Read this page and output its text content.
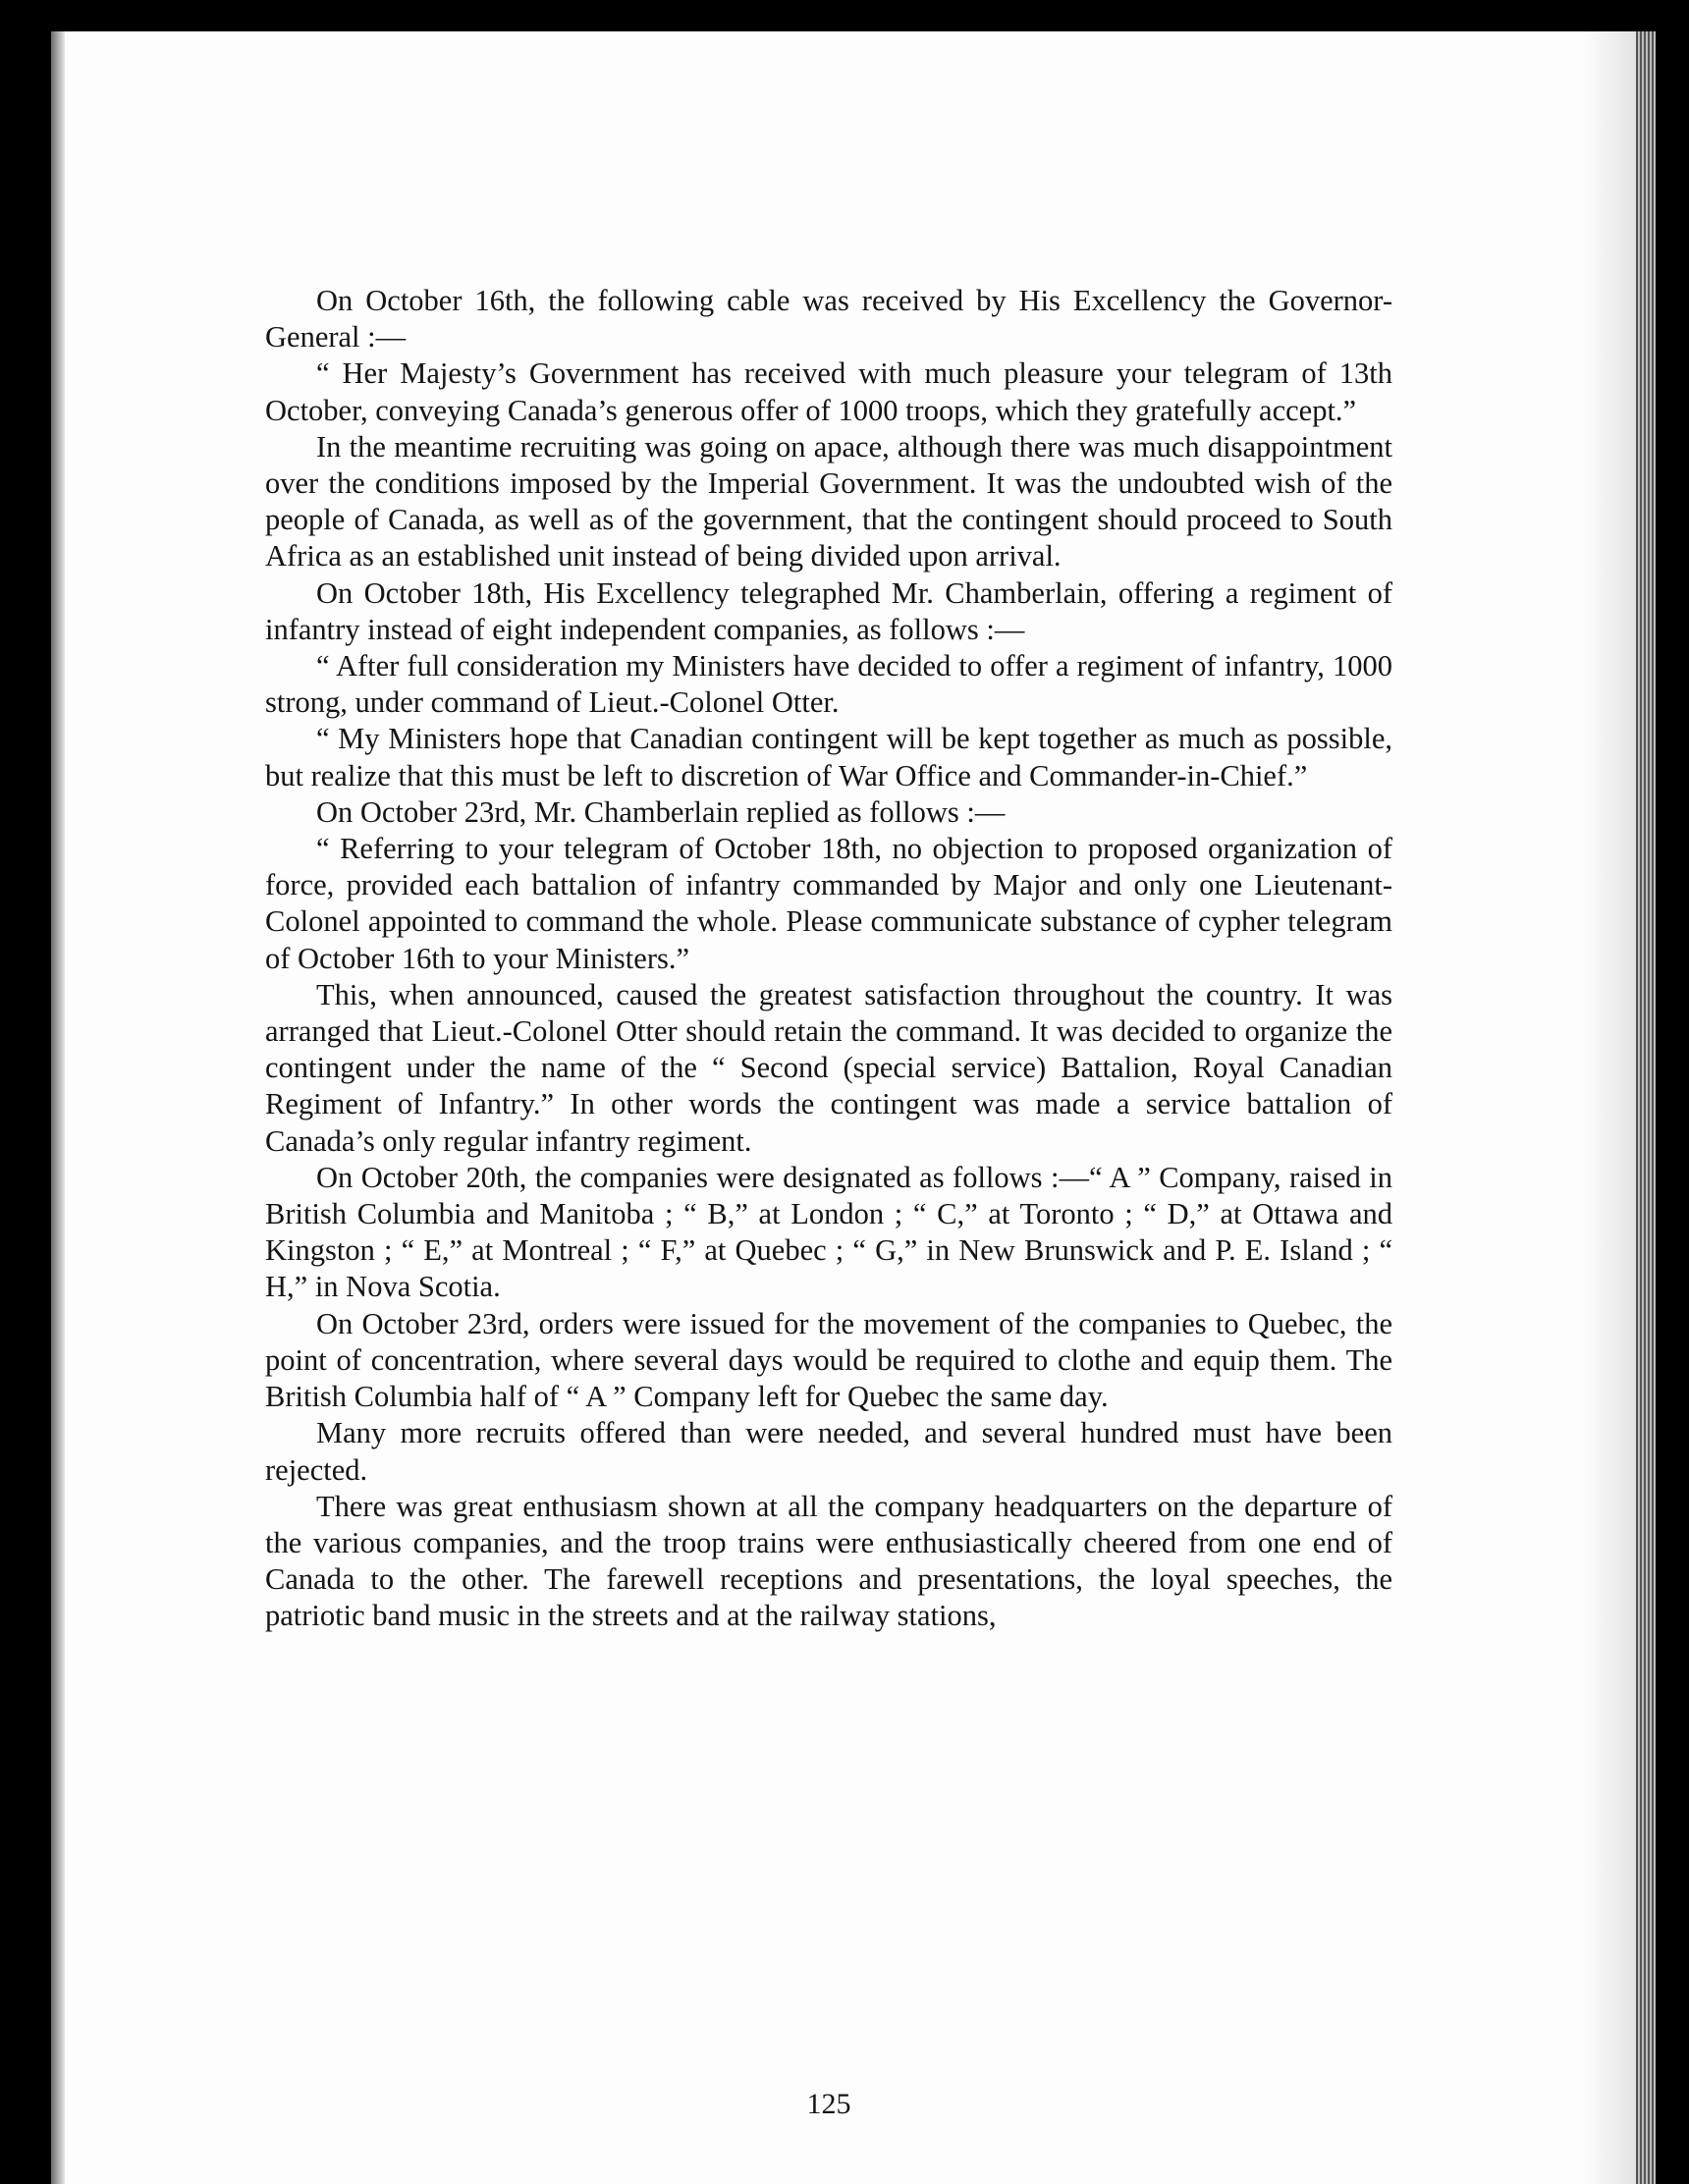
On October 16th, the following cable was received by His Excellency the Governor-General :—

“ Her Majesty’s Government has received with much pleasure your telegram of 13th October, conveying Canada’s generous offer of 1000 troops, which they gratefully accept.”

In the meantime recruiting was going on apace, although there was much disappointment over the conditions imposed by the Imperial Government. It was the undoubted wish of the people of Canada, as well as of the government, that the contingent should proceed to South Africa as an established unit instead of being divided upon arrival.

On October 18th, His Excellency telegraphed Mr. Chamberlain, offering a regiment of infantry instead of eight independent companies, as follows :—

“ After full consideration my Ministers have decided to offer a regiment of infantry, 1000 strong, under command of Lieut.-Colonel Otter.

“ My Ministers hope that Canadian contingent will be kept together as much as possible, but realize that this must be left to discretion of War Office and Commander-in-Chief.”

On October 23rd, Mr. Chamberlain replied as follows :—

“ Referring to your telegram of October 18th, no objection to proposed organization of force, provided each battalion of infantry commanded by Major and only one Lieutenant-Colonel appointed to command the whole. Please communicate substance of cypher telegram of October 16th to your Ministers.”

This, when announced, caused the greatest satisfaction throughout the country. It was arranged that Lieut.-Colonel Otter should retain the command. It was decided to organize the contingent under the name of the “ Second (special service) Battalion, Royal Canadian Regiment of Infantry.” In other words the contingent was made a service battalion of Canada’s only regular infantry regiment.

On October 20th, the companies were designated as follows :—“ A ” Company, raised in British Columbia and Manitoba ; “ B,” at London ; “ C,” at Toronto ; “ D,” at Ottawa and Kingston ; “ E,” at Montreal ; “ F,” at Quebec ; “ G,” in New Brunswick and P. E. Island ; “ H,” in Nova Scotia.

On October 23rd, orders were issued for the movement of the companies to Quebec, the point of concentration, where several days would be required to clothe and equip them. The British Columbia half of “ A ” Company left for Quebec the same day.

Many more recruits offered than were needed, and several hundred must have been rejected.

There was great enthusiasm shown at all the company headquarters on the departure of the various companies, and the troop trains were enthusiastically cheered from one end of Canada to the other. The farewell receptions and presentations, the loyal speeches, the patriotic band music in the streets and at the railway stations,

125
